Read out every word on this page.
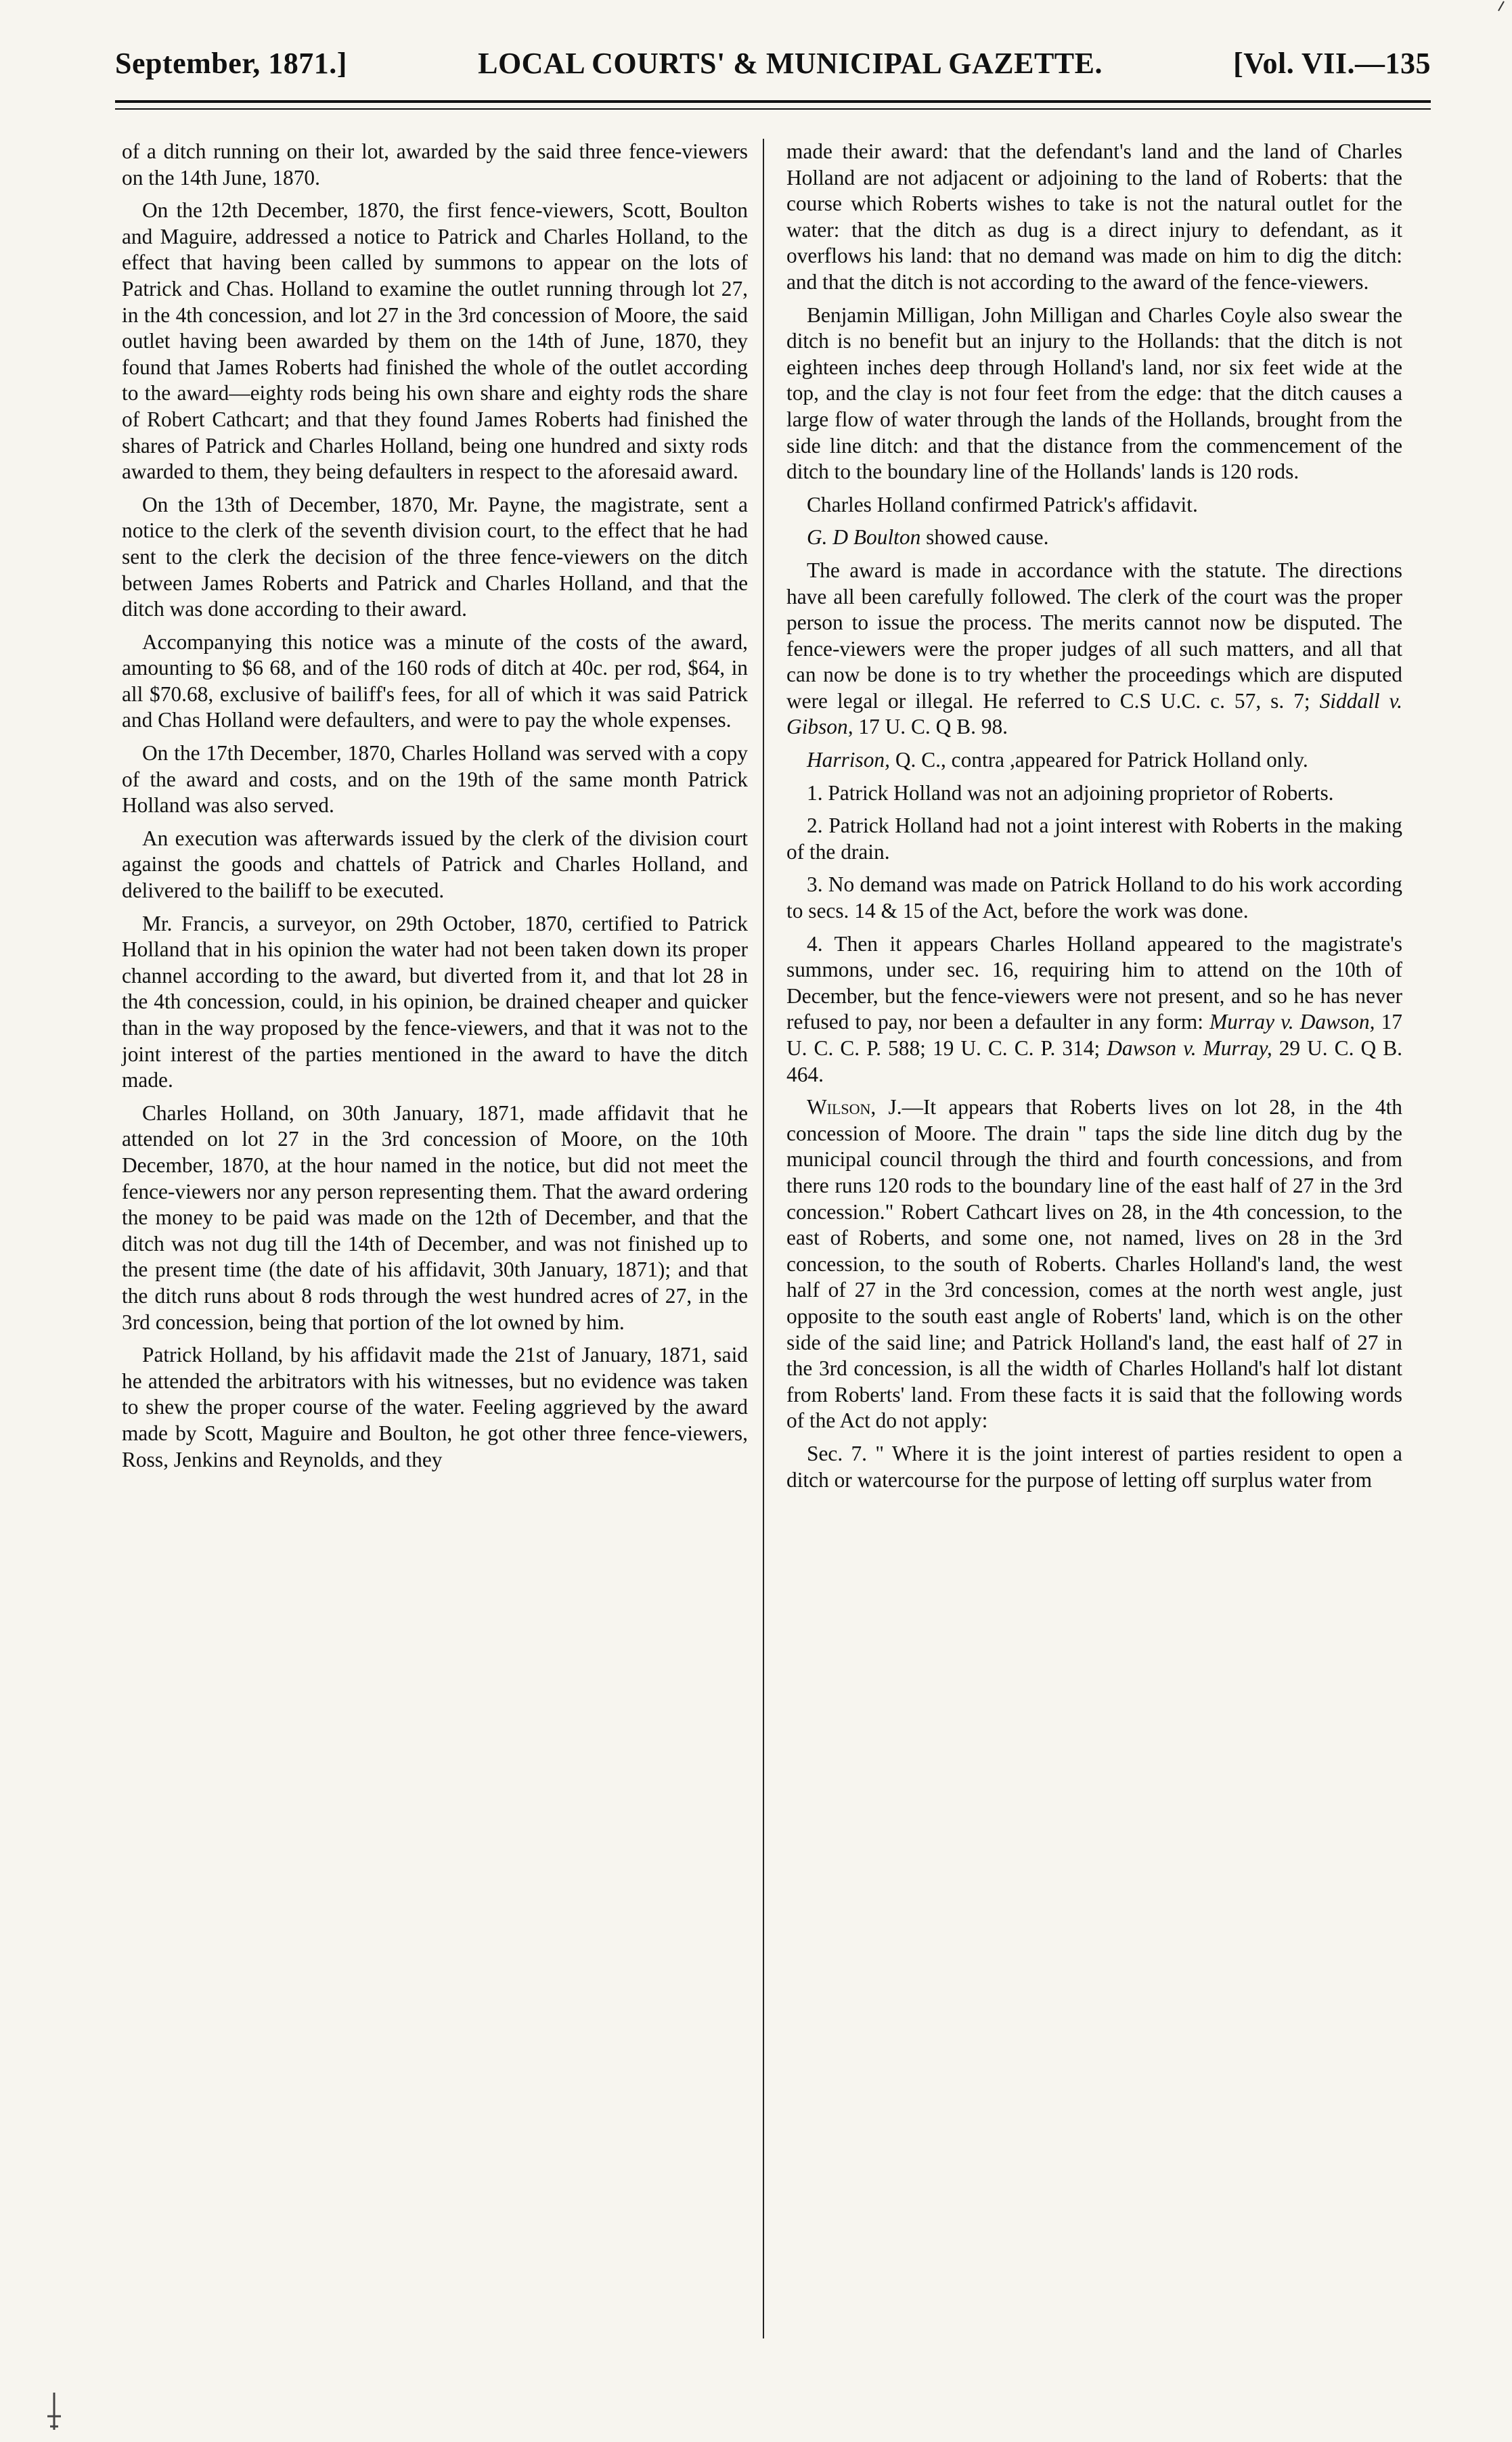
September, 1871.]	LOCAL COURTS' & MUNICIPAL GAZETTE.	[Vol. VII.—135

of a ditch running on their lot, awarded by the said three fence-viewers on the 14th June, 1870.

On the 12th December, 1870, the first fence-viewers, Scott, Boulton and Maguire, addressed a notice to Patrick and Charles Holland, to the effect that having been called by summons to appear on the lots of Patrick and Chas. Holland to examine the outlet running through lot 27, in the 4th concession, and lot 27 in the 3rd concession of Moore, the said outlet having been awarded by them on the 14th of June, 1870, they found that James Roberts had finished the whole of the outlet according to the award—eighty rods being his own share and eighty rods the share of Robert Cathcart; and that they found James Roberts had finished the shares of Patrick and Charles Holland, being one hundred and sixty rods awarded to them, they being defaulters in respect to the aforesaid award.

On the 13th of December, 1870, Mr. Payne, the magistrate, sent a notice to the clerk of the seventh division court, to the effect that he had sent to the clerk the decision of the three fence-viewers on the ditch between James Roberts and Patrick and Charles Holland, and that the ditch was done according to their award.

Accompanying this notice was a minute of the costs of the award, amounting to $6 68, and of the 160 rods of ditch at 40c. per rod, $64, in all $70.68, exclusive of bailiff's fees, for all of which it was said Patrick and Chas Holland were defaulters, and were to pay the whole expenses.

On the 17th December, 1870, Charles Holland was served with a copy of the award and costs, and on the 19th of the same month Patrick Holland was also served.

An execution was afterwards issued by the clerk of the division court against the goods and chattels of Patrick and Charles Holland, and delivered to the bailiff to be executed.

Mr. Francis, a surveyor, on 29th October, 1870, certified to Patrick Holland that in his opinion the water had not been taken down its proper channel according to the award, but diverted from it, and that lot 28 in the 4th concession, could, in his opinion, be drained cheaper and quicker than in the way proposed by the fence-viewers, and that it was not to the joint interest of the parties mentioned in the award to have the ditch made.

Charles Holland, on 30th January, 1871, made affidavit that he attended on lot 27 in the 3rd concession of Moore, on the 10th December, 1870, at the hour named in the notice, but did not meet the fence-viewers nor any person representing them. That the award ordering the money to be paid was made on the 12th of December, and that the ditch was not dug till the 14th of December, and was not finished up to the present time (the date of his affidavit, 30th January, 1871); and that the ditch runs about 8 rods through the west hundred acres of 27, in the 3rd concession, being that portion of the lot owned by him.

Patrick Holland, by his affidavit made the 21st of January, 1871, said he attended the arbitrators with his witnesses, but no evidence was taken to shew the proper course of the water. Feeling aggrieved by the award made by Scott, Maguire and Boulton, he got other three fence-viewers, Ross, Jenkins and Reynolds, and they

made their award: that the defendant's land and the land of Charles Holland are not adjacent or adjoining to the land of Roberts: that the course which Roberts wishes to take is not the natural outlet for the water: that the ditch as dug is a direct injury to defendant, as it overflows his land: that no demand was made on him to dig the ditch: and that the ditch is not according to the award of the fence-viewers.

Benjamin Milligan, John Milligan and Charles Coyle also swear the ditch is no benefit but an injury to the Hollands: that the ditch is not eighteen inches deep through Holland's land, nor six feet wide at the top, and the clay is not four feet from the edge: that the ditch causes a large flow of water through the lands of the Hollands, brought from the side line ditch: and that the distance from the commencement of the ditch to the boundary line of the Hollands' lands is 120 rods.

Charles Holland confirmed Patrick's affidavit.

G. D Boulton showed cause.

The award is made in accordance with the statute. The directions have all been carefully followed. The clerk of the court was the proper person to issue the process. The merits cannot now be disputed. The fence-viewers were the proper judges of all such matters, and all that can now be done is to try whether the proceedings which are disputed were legal or illegal. He referred to C.S U.C. c. 57, s. 7; Siddall v. Gibson, 17 U. C. Q B. 98.

Harrison, Q. C., contra ,appeared for Patrick Holland only.

1. Patrick Holland was not an adjoining proprietor of Roberts.

2. Patrick Holland had not a joint interest with Roberts in the making of the drain.

3. No demand was made on Patrick Holland to do his work according to secs. 14 & 15 of the Act, before the work was done.

4. Then it appears Charles Holland appeared to the magistrate's summons, under sec. 16, requiring him to attend on the 10th of December, but the fence-viewers were not present, and so he has never refused to pay, nor been a defaulter in any form: Murray v. Dawson, 17 U. C. C. P. 588; 19 U. C. C. P. 314; Dawson v. Murray, 29 U. C. Q B. 464.

Wilson, J.—It appears that Roberts lives on lot 28, in the 4th concession of Moore. The drain " taps the side line ditch dug by the municipal council through the third and fourth concessions, and from there runs 120 rods to the boundary line of the east half of 27 in the 3rd concession." Robert Cathcart lives on 28, in the 4th concession, to the east of Roberts, and some one, not named, lives on 28 in the 3rd concession, to the south of Roberts. Charles Holland's land, the west half of 27 in the 3rd concession, comes at the north west angle, just opposite to the south east angle of Roberts' land, which is on the other side of the said line; and Patrick Holland's land, the east half of 27 in the 3rd concession, is all the width of Charles Holland's half lot distant from Roberts' land. From these facts it is said that the following words of the Act do not apply:

Sec. 7. " Where it is the joint interest of parties resident to open a ditch or watercourse for the purpose of letting off surplus water from
